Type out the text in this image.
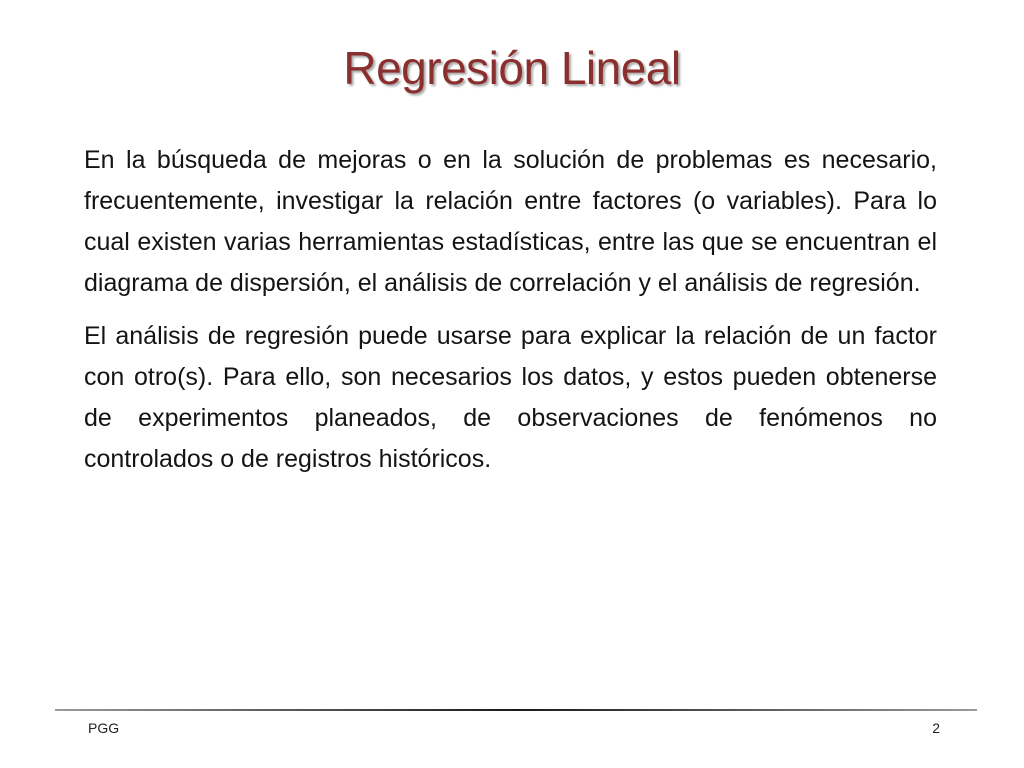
Regresión Lineal

En la búsqueda de mejoras o en la solución de problemas es necesario, frecuentemente, investigar la relación entre factores (o variables). Para lo cual existen varias herramientas estadísticas, entre las que se encuentran el diagrama de dispersión, el análisis de correlación y el análisis de regresión.

El análisis de regresión puede usarse para explicar la relación de un factor con otro(s). Para ello, son necesarios los datos, y estos pueden obtenerse de experimentos planeados, de observaciones de fenómenos no controlados o de registros históricos.

PGG	2
